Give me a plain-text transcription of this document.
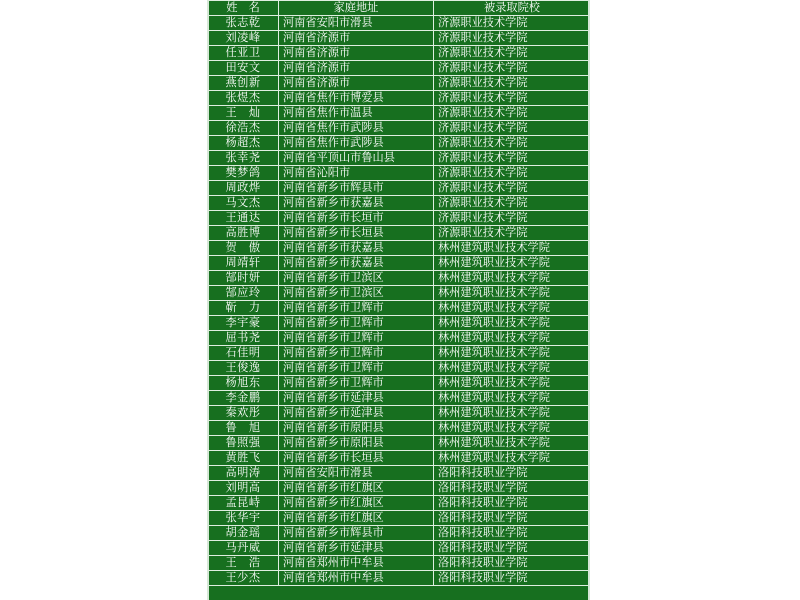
姓　名	家庭地址	被录取院校
张志乾	河南省安阳市滑县	济源职业技术学院
刘凌峰	河南省济源市	济源职业技术学院
任亚卫	河南省济源市	济源职业技术学院
田安文	河南省济源市	济源职业技术学院
燕创新	河南省济源市	济源职业技术学院
张煜杰	河南省焦作市博爱县	济源职业技术学院
王　灿	河南省焦作市温县	济源职业技术学院
徐浩杰	河南省焦作市武陟县	济源职业技术学院
杨超杰	河南省焦作市武陟县	济源职业技术学院
张幸尧	河南省平顶山市鲁山县	济源职业技术学院
樊梦鸽	河南省沁阳市	济源职业技术学院
周政烨	河南省新乡市辉县市	济源职业技术学院
马文杰	河南省新乡市获嘉县	济源职业技术学院
王通达	河南省新乡市长垣市	济源职业技术学院
高胜博	河南省新乡市长垣县	济源职业技术学院
贺　傲	河南省新乡市获嘉县	林州建筑职业技术学院
周靖轩	河南省新乡市获嘉县	林州建筑职业技术学院
郜时妍	河南省新乡市卫滨区	林州建筑职业技术学院
郜应玲	河南省新乡市卫滨区	林州建筑职业技术学院
靳　力	河南省新乡市卫辉市	林州建筑职业技术学院
李宇豪	河南省新乡市卫辉市	林州建筑职业技术学院
屈书尧	河南省新乡市卫辉市	林州建筑职业技术学院
石佳明	河南省新乡市卫辉市	林州建筑职业技术学院
王俊逸	河南省新乡市卫辉市	林州建筑职业技术学院
杨旭东	河南省新乡市卫辉市	林州建筑职业技术学院
李金鹏	河南省新乡市延津县	林州建筑职业技术学院
秦欢彤	河南省新乡市延津县	林州建筑职业技术学院
鲁　旭	河南省新乡市原阳县	林州建筑职业技术学院
鲁照强	河南省新乡市原阳县	林州建筑职业技术学院
黄胜飞	河南省新乡市长垣县	林州建筑职业技术学院
高明涛	河南省安阳市滑县	洛阳科技职业学院
刘明高	河南省新乡市红旗区	洛阳科技职业学院
孟昆峙	河南省新乡市红旗区	洛阳科技职业学院
张华宇	河南省新乡市红旗区	洛阳科技职业学院
胡金瑶	河南省新乡市辉县市	洛阳科技职业学院
马丹威	河南省新乡市延津县	洛阳科技职业学院
王　浩	河南省郑州市中牟县	洛阳科技职业学院
王少杰	河南省郑州市中牟县	洛阳科技职业学院
